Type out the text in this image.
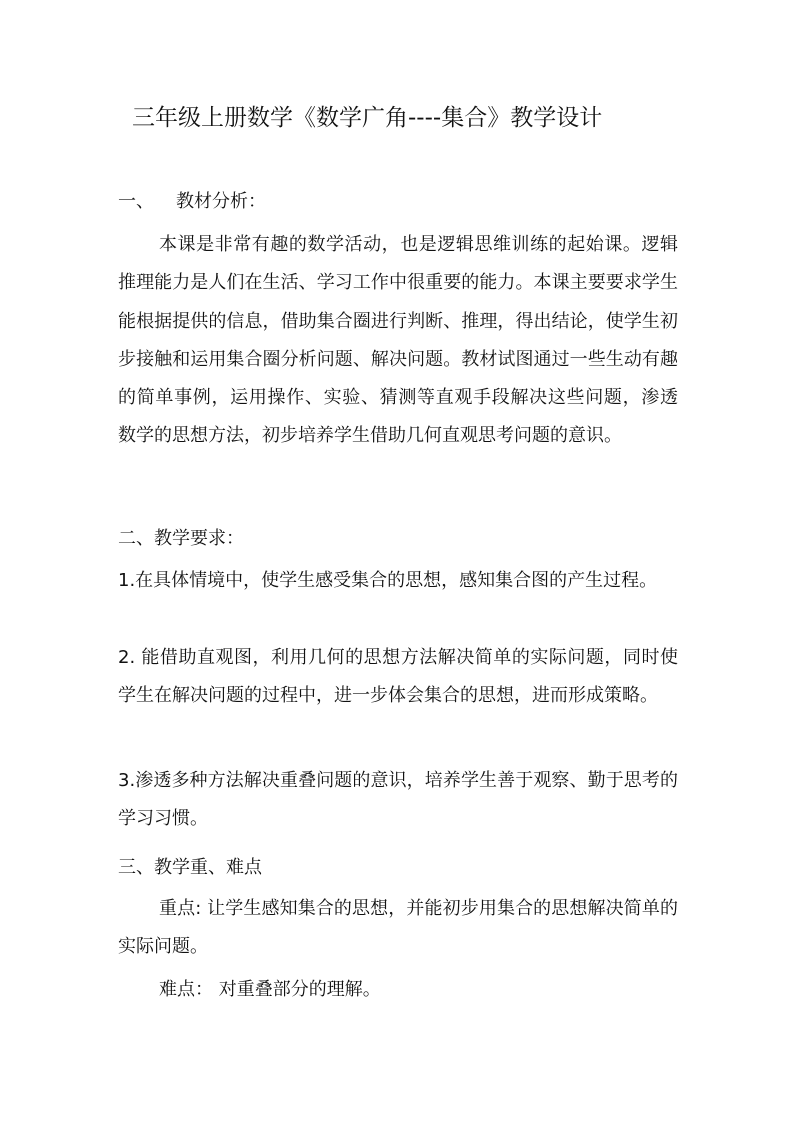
三年级上册数学《数学广角----集合》教学设计
一、 教材分析：
本课是非常有趣的数学活动，也是逻辑思维训练的起始课。逻辑推理能力是人们在生活、学习工作中很重要的能力。本课主要要求学生能根据提供的信息，借助集合圈进行判断、推理，得出结论，使学生初步接触和运用集合圈分析问题、解决问题。教材试图通过一些生动有趣的简单事例，运用操作、实验、猜测等直观手段解决这些问题，渗透 数学的思想方法，初步培养学生借助几何直观思考问题的意识。
二、教学要求：
1.在具体情境中，使学生感受集合的思想，感知集合图的产生过程。
2. 能借助直观图，利用几何的思想方法解决简单的实际问题，同时使学生在解决问题的过程中，进一步体会集合的思想，进而形成策略。
3.渗透多种方法解决重叠问题的意识，培养学生善于观察、勤于思考的学习习惯。
三、教学重、难点
重点: 让学生感知集合的思想，并能初步用集合的思想解决简单的实际问题。
难点： 对重叠部分的理解。
